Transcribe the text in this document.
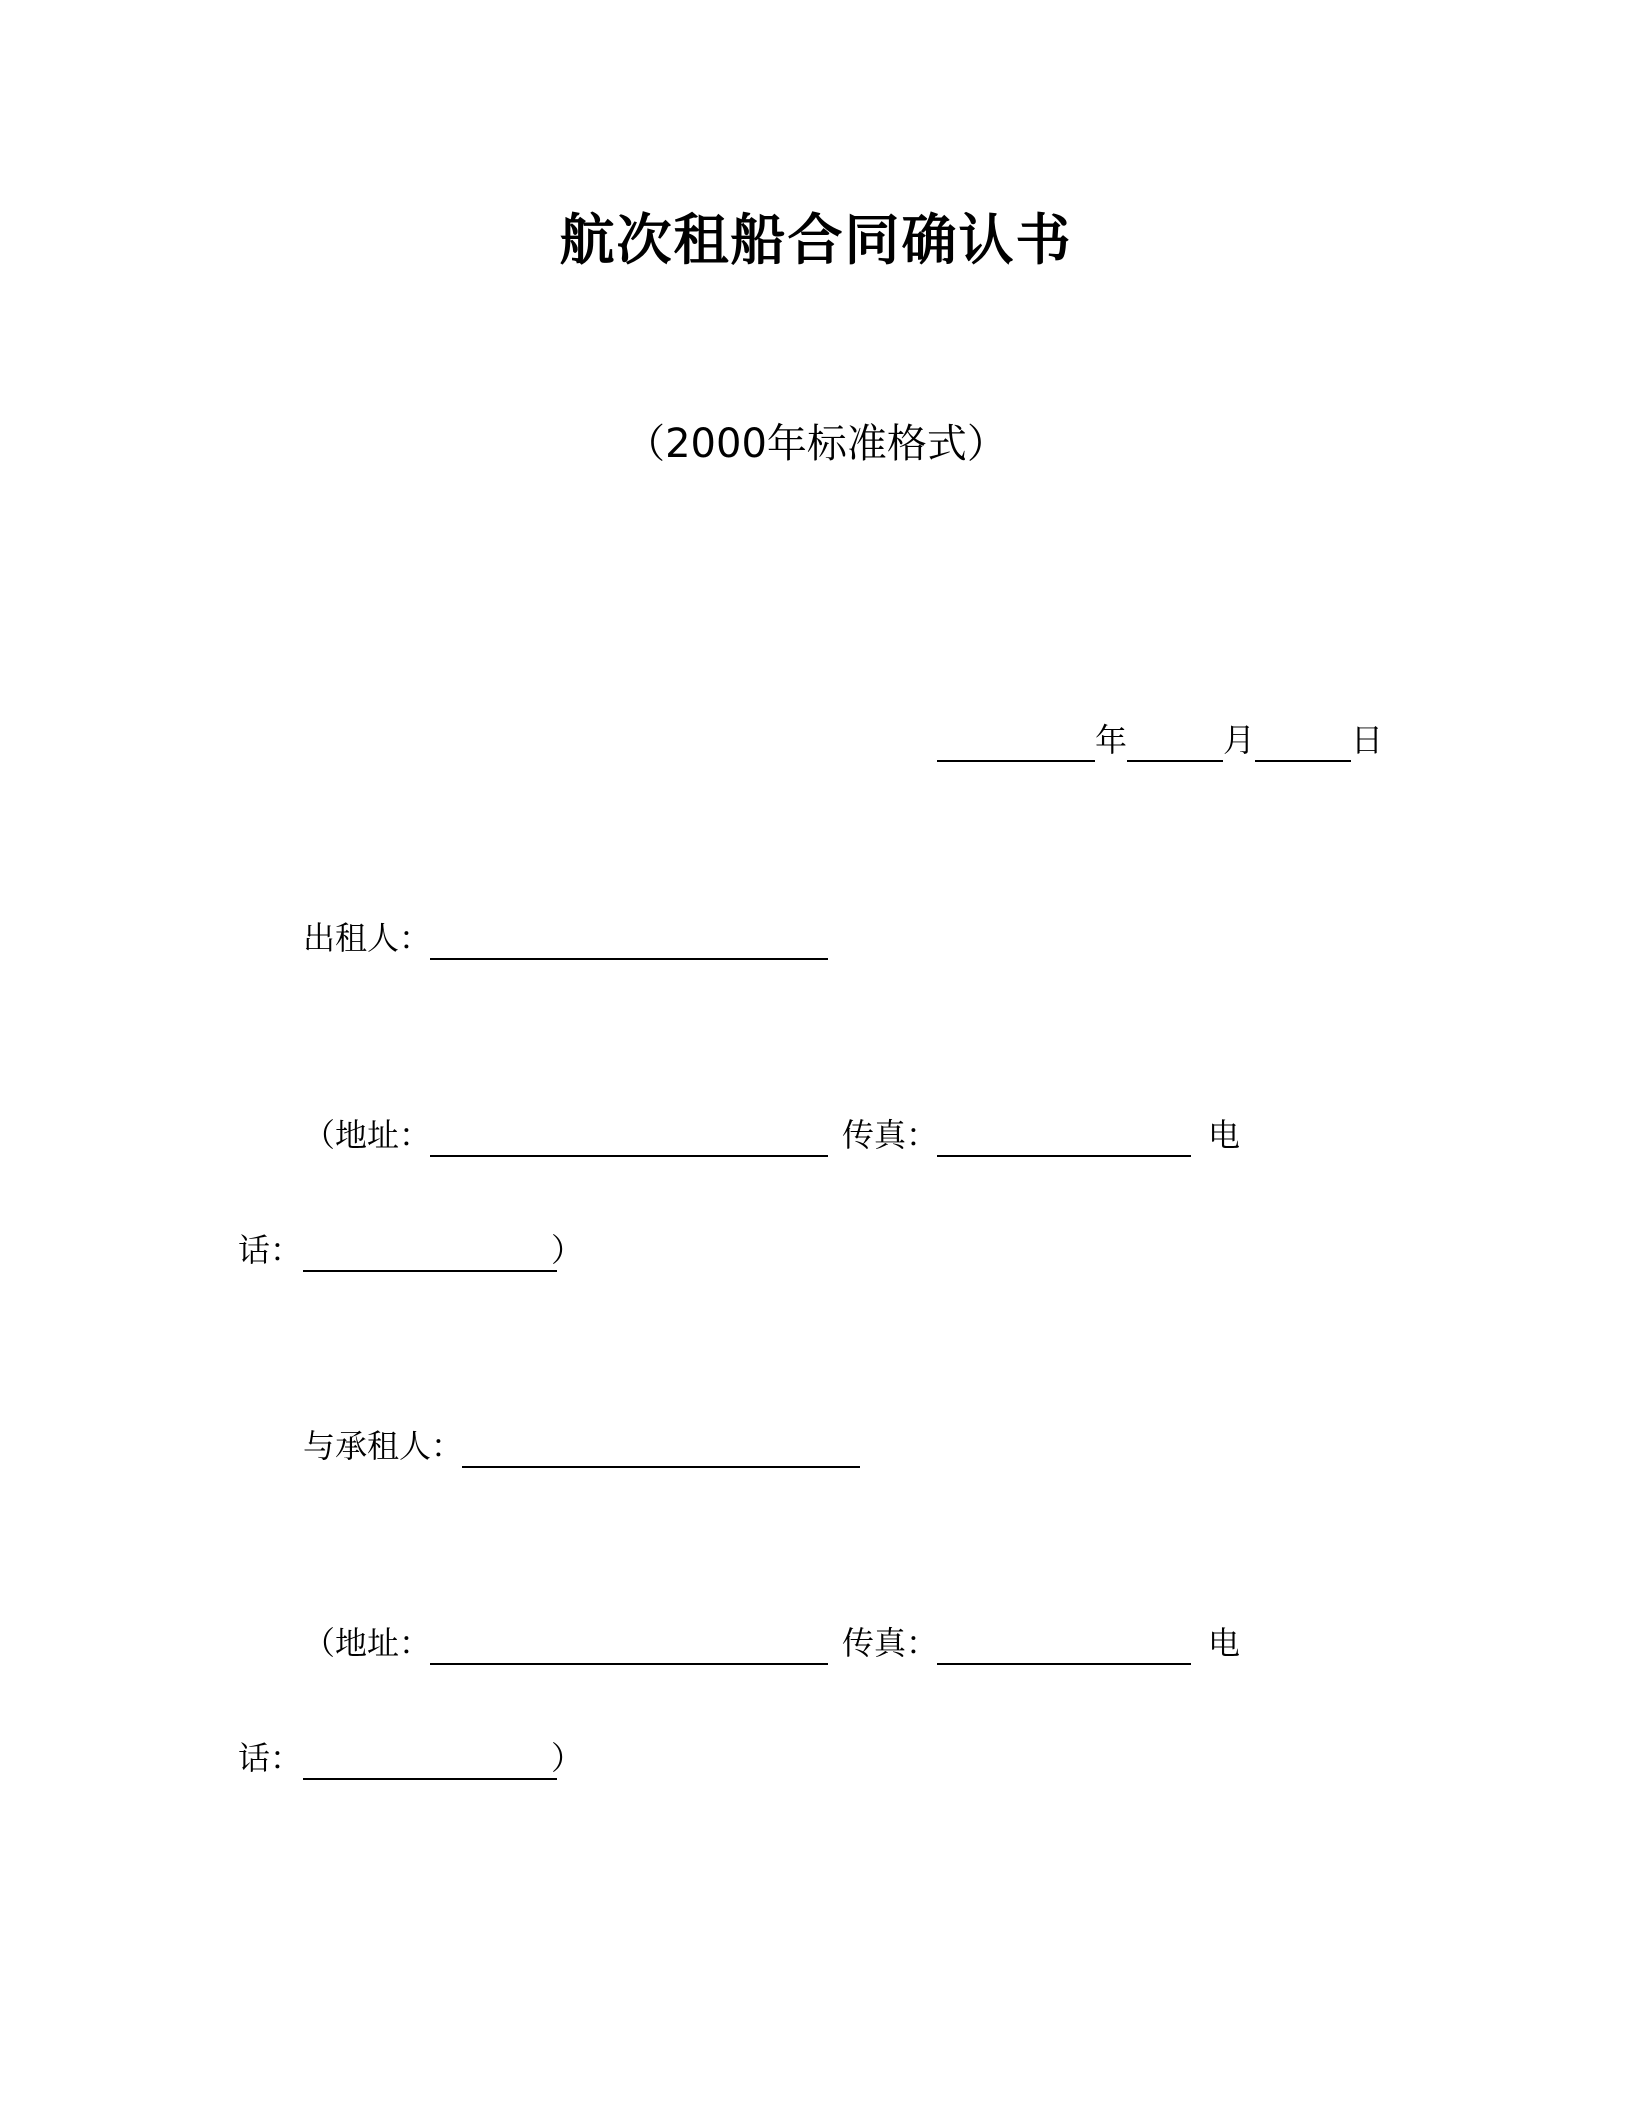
航次租船合同确认书
（2000年标准格式）
年	月	日
出租人：
（地址：	传真：	电
话：	）
与承租人：
（地址：	传真：	电
话：	）
